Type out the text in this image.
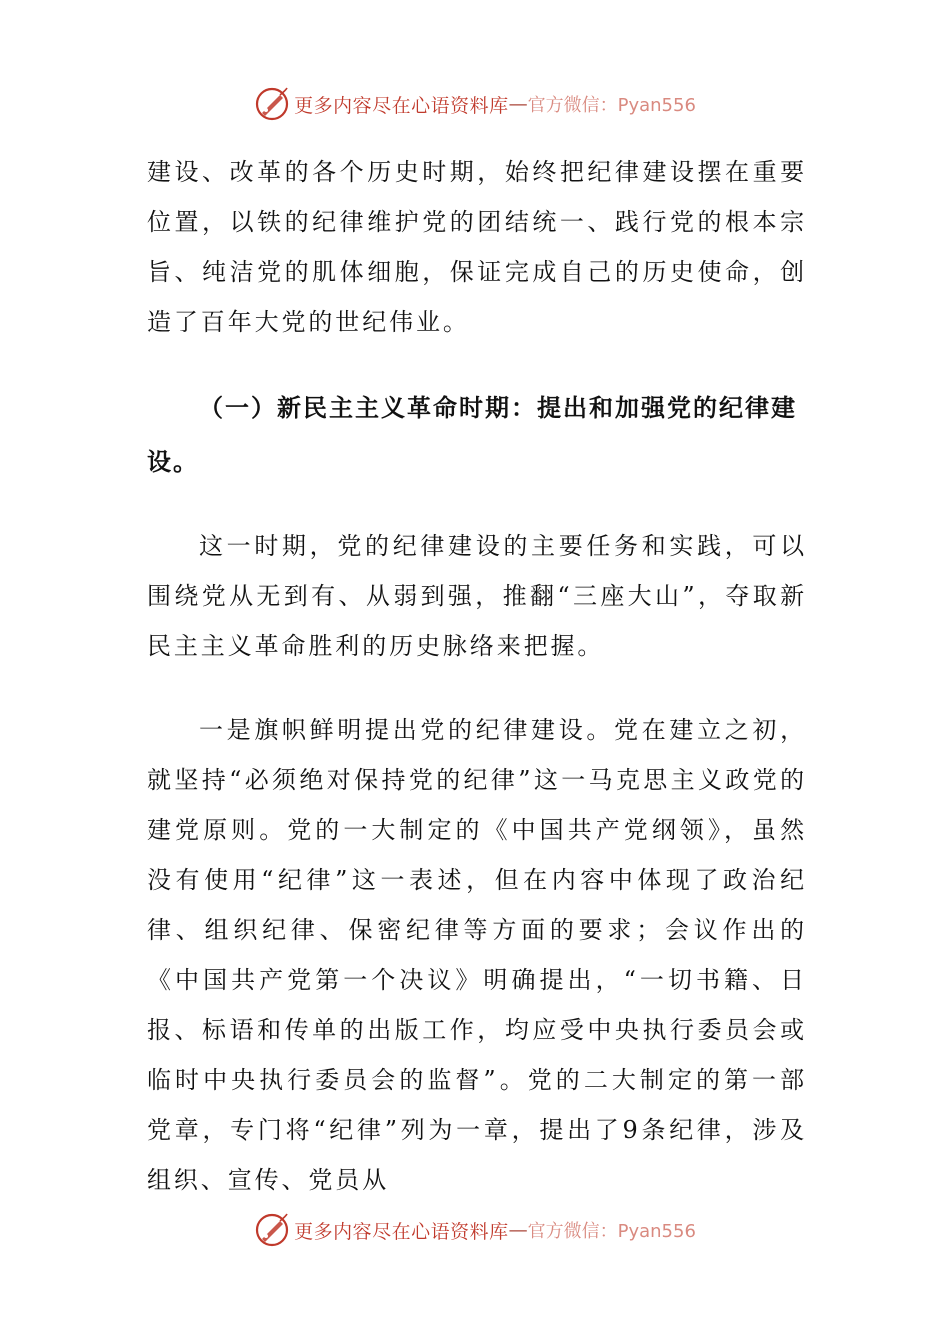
更多内容尽在心语资料库 — 官方微信：Pyan556

建设、改革的各个历史时期，始终把纪律建设摆在重要位置，以铁的纪律维护党的团结统一、践行党的根本宗旨、纯洁党的肌体细胞，保证完成自己的历史使命，创造了百年大党的世纪伟业。

（一）新民主主义革命时期：提出和加强党的纪律建设。

这一时期，党的纪律建设的主要任务和实践，可以围绕党从无到有、从弱到强，推翻“三座大山”，夺取新民主主义革命胜利的历史脉络来把握。

一是旗帜鲜明提出党的纪律建设。党在建立之初，就坚持“必须绝对保持党的纪律”这一马克思主义政党的建党原则。党的一大制定的《中国共产党纲领》，虽然没有使用“纪律”这一表述，但在内容中体现了政治纪律、组织纪律、保密纪律等方面的要求；会议作出的《中国共产党第一个决议》明确提出，“一切书籍、日报、标语和传单的出版工作，均应受中央执行委员会或临时中央执行委员会的监督”。党的二大制定的第一部党章，专门将“纪律”列为一章，提出了9条纪律，涉及组织、宣传、党员从

更多内容尽在心语资料库 — 官方微信：Pyan556
